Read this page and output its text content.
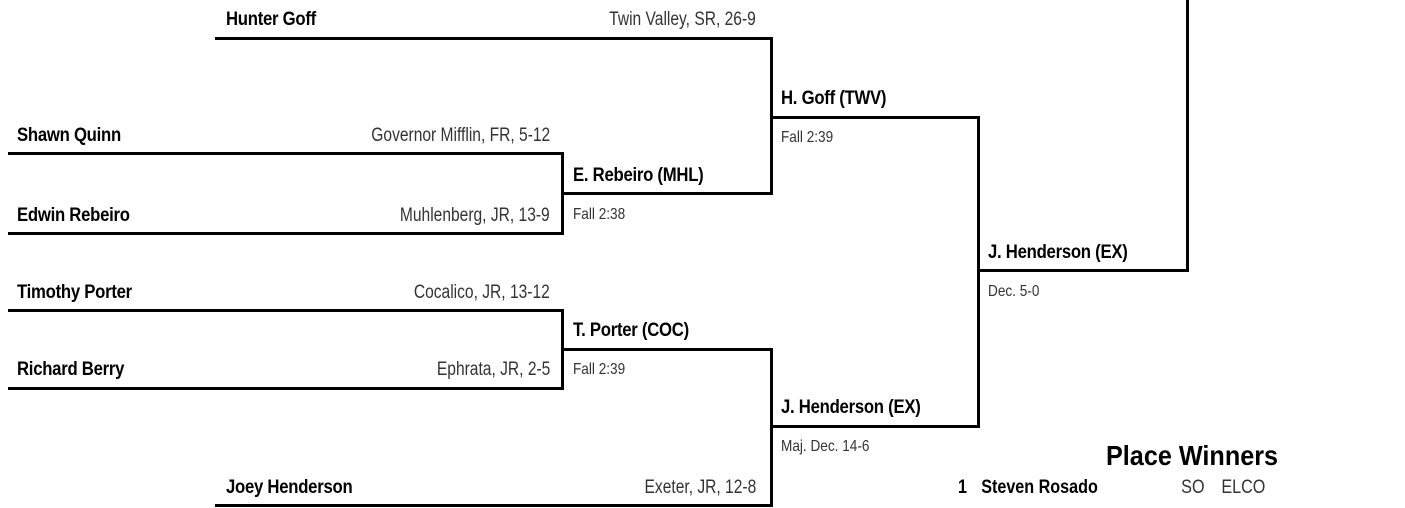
Hunter Goff	Twin Valley, SR, 26-9
Shawn Quinn	Governor Mifflin, FR, 5-12
Edwin Rebeiro	Muhlenberg, JR, 13-9
Timothy Porter	Cocalico, JR, 13-12
Richard Berry	Ephrata, JR, 2-5
Joey Henderson	Exeter, JR, 12-8
E. Rebeiro (MHL)
Fall 2:38
T. Porter (COC)
Fall 2:39
H. Goff (TWV)
Fall 2:39
J. Henderson (EX)
Maj. Dec. 14-6
J. Henderson (EX)
Dec. 5-0
Place Winners
1 Steven Rosado	SO ELCO
